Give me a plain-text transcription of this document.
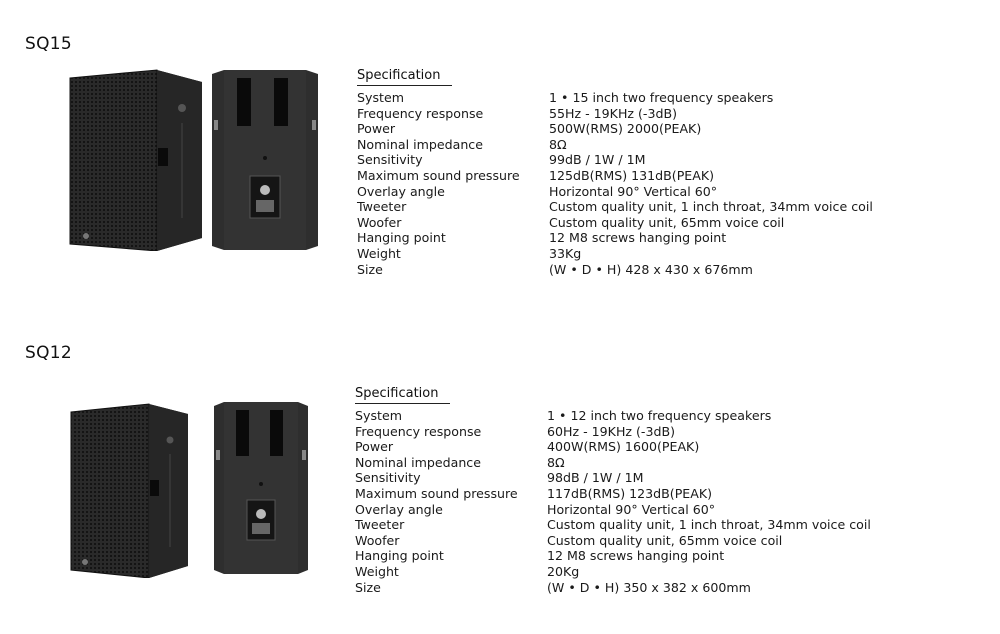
SQ15
Specification
System	1 • 15 inch two frequency speakers
Frequency response	55Hz - 19KHz (-3dB)
Power	500W(RMS) 2000(PEAK)
Nominal impedance	8Ω
Sensitivity	99dB / 1W / 1M
Maximum sound pressure	125dB(RMS) 131dB(PEAK)
Overlay angle	Horizontal 90° Vertical 60°
Tweeter	Custom quality unit, 1 inch throat, 34mm voice coil
Woofer	Custom quality unit, 65mm voice coil
Hanging point	12 M8 screws hanging point
Weight	33Kg
Size	(W • D • H) 428 x 430 x 676mm
SQ12
Specification
System	1 • 12 inch two frequency speakers
Frequency response	60Hz - 19KHz (-3dB)
Power	400W(RMS) 1600(PEAK)
Nominal impedance	8Ω
Sensitivity	98dB / 1W / 1M
Maximum sound pressure	117dB(RMS) 123dB(PEAK)
Overlay angle	Horizontal 90° Vertical 60°
Tweeter	Custom quality unit, 1 inch throat, 34mm voice coil
Woofer	Custom quality unit, 65mm voice coil
Hanging point	12 M8 screws hanging point
Weight	20Kg
Size	(W • D • H) 350 x 382 x 600mm
